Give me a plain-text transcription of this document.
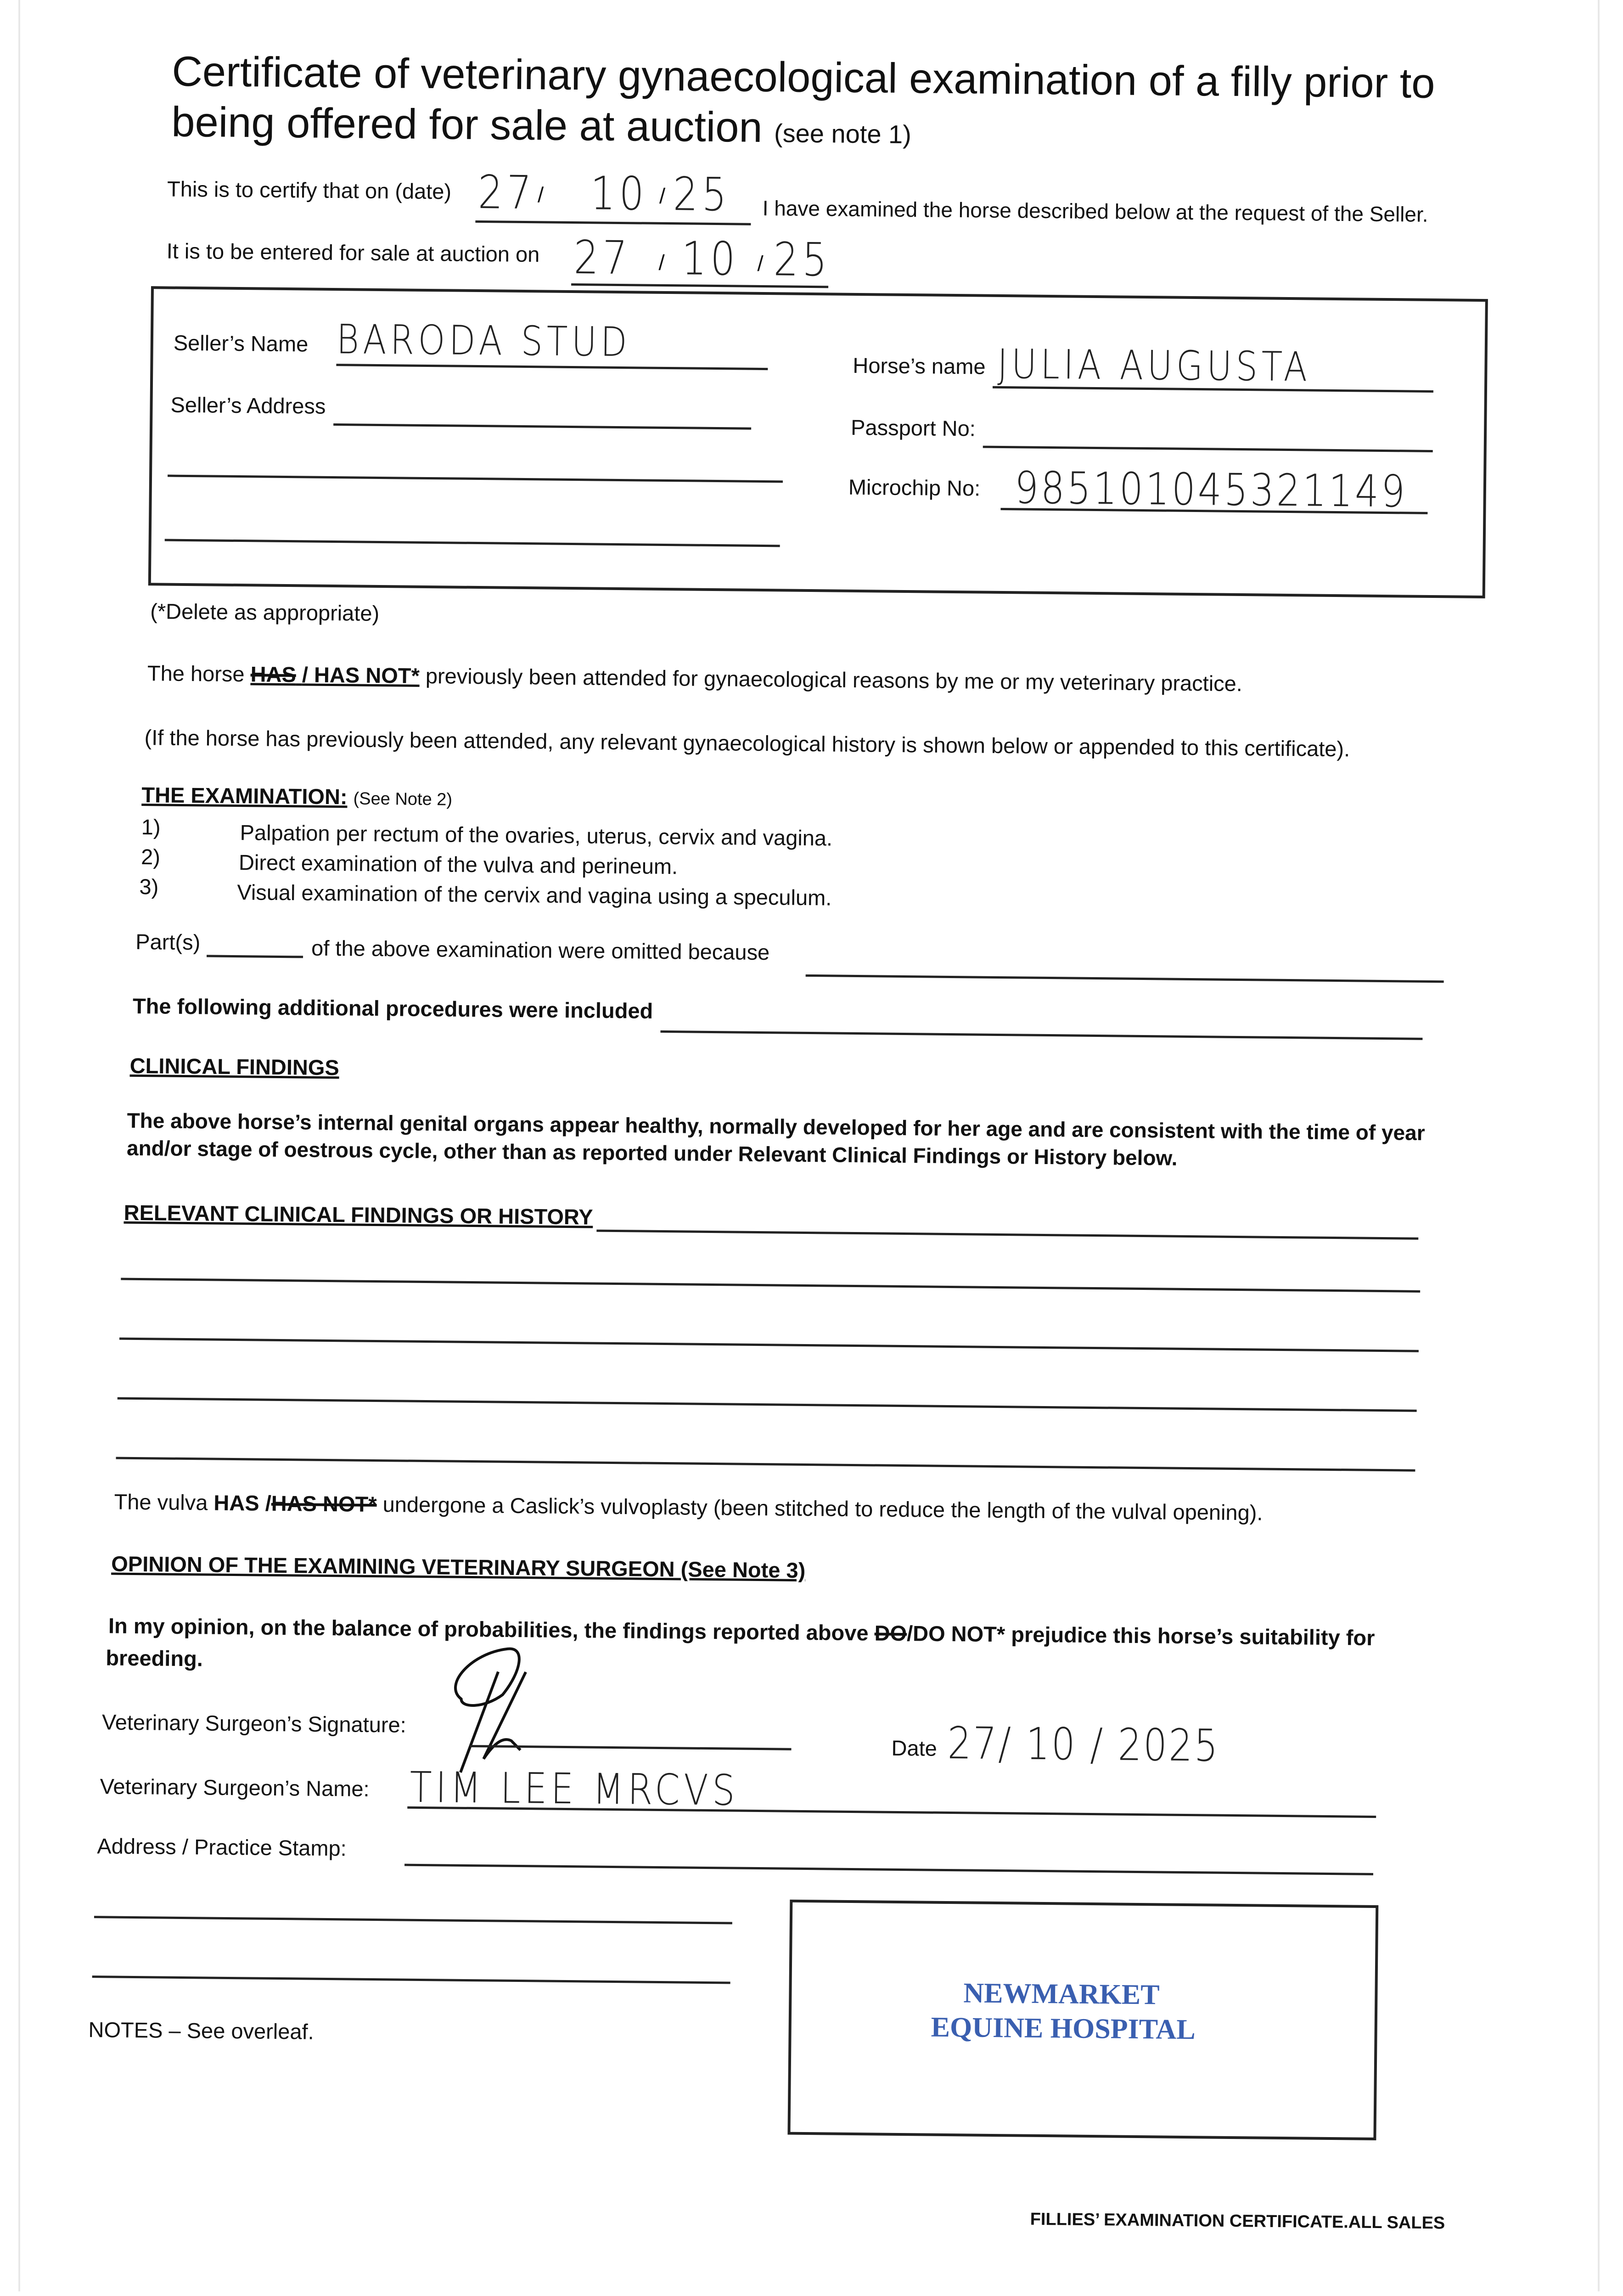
Certificate of veterinary gynaecological examination of a filly prior to
being offered for sale at auction (see note 1)
This is to certify that on (date) 27 / 10 / 25 I have examined the horse described below at the request of the Seller.
It is to be entered for sale at auction on 27 / 10 / 25
Seller’s Name BARODA STUD
Seller’s Address
Horse’s name JULIA AUGUSTA
Passport No:
Microchip No: 985101045321149
(*Delete as appropriate)
The horse HAS / HAS NOT* previously been attended for gynaecological reasons by me or my veterinary practice.
(If the horse has previously been attended, any relevant gynaecological history is shown below or appended to this certificate).
THE EXAMINATION: (See Note 2)
1)	Palpation per rectum of the ovaries, uterus, cervix and vagina.
2)	Direct examination of the vulva and perineum.
3)	Visual examination of the cervix and vagina using a speculum.
Part(s)	of the above examination were omitted because
The following additional procedures were included
CLINICAL FINDINGS
The above horse’s internal genital organs appear healthy, normally developed for her age and are consistent with the time of year
and/or stage of oestrous cycle, other than as reported under Relevant Clinical Findings or History below.
RELEVANT CLINICAL FINDINGS OR HISTORY
The vulva HAS /HAS NOT* undergone a Caslick’s vulvoplasty (been stitched to reduce the length of the vulval opening).
OPINION OF THE EXAMINING VETERINARY SURGEON (See Note 3)
In my opinion, on the balance of probabilities, the findings reported above DO/DO NOT* prejudice this horse’s suitability for
breeding.
Veterinary Surgeon’s Signature:
Date 27/ 10 / 2025
Veterinary Surgeon’s Name: TIM LEE MRCVS
Address / Practice Stamp:
NEWMARKET
EQUINE HOSPITAL
NOTES – See overleaf.
FILLIES’ EXAMINATION CERTIFICATE.ALL SALES
